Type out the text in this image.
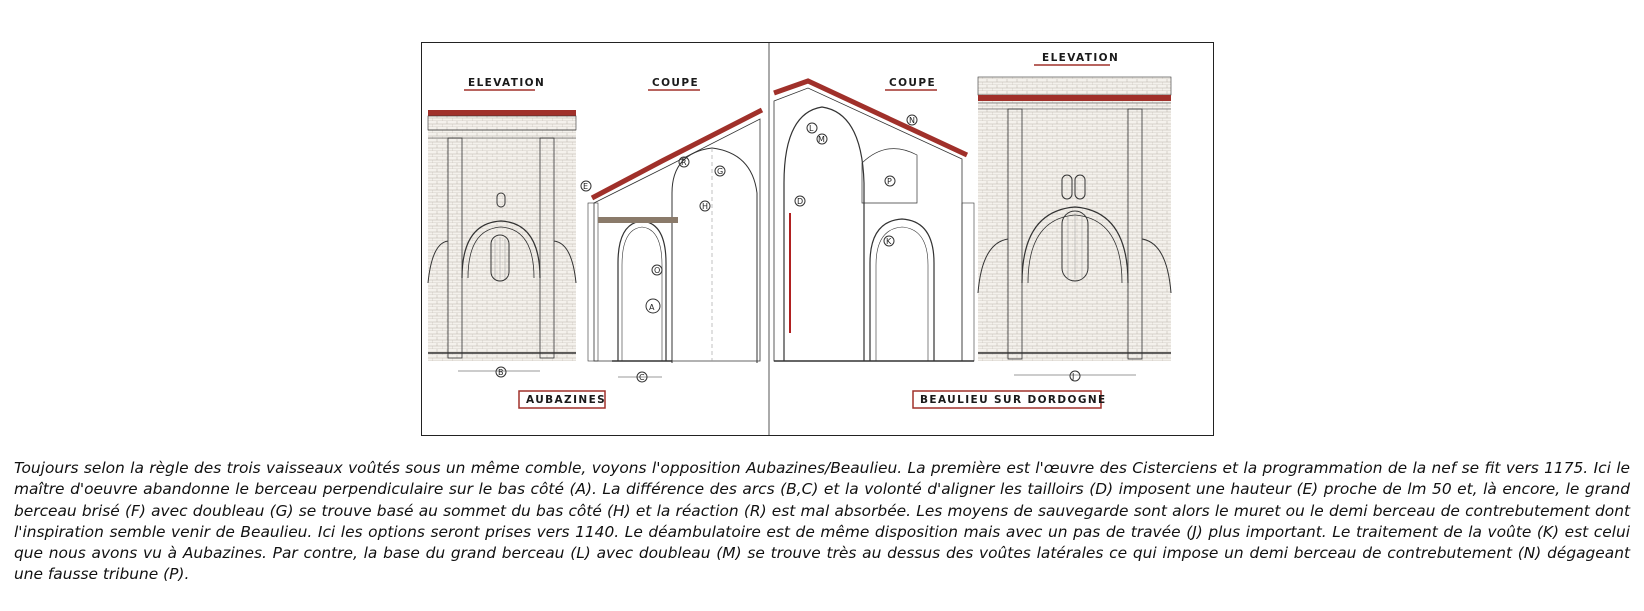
ELEVATION
B
AUBAZINES
COUPE
A
O
E
H
G
R
C
COUPE
L
M
N
P
K
D
ELEVATION
J
BEAULIEU SUR DORDOGNE

Toujours selon la règle des trois vaisseaux voûtés sous un même comble, voyons l'opposition Aubazines/Beaulieu. La première est l'œuvre des Cisterciens et la programmation de la nef se fit vers 1175. Ici le maître d'oeuvre abandonne le berceau perpendiculaire sur le bas côté (A). La différence des arcs (B,C) et la volonté d'aligner les tailloirs (D) imposent une hauteur (E) proche de lm 50 et, là encore, le grand berceau brisé (F) avec doubleau (G) se trouve basé au sommet du bas côté (H) et la réaction (R) est mal absorbée. Les moyens de sauvegarde sont alors le muret ou le demi berceau de contrebutement dont l'inspiration semble venir de Beaulieu. Ici les options seront prises vers 1140. Le déambulatoire est de même disposition mais avec un pas de travée (J) plus important. Le traitement de la voûte (K) est celui que nous avons vu à Aubazines. Par contre, la base du grand berceau (L) avec doubleau (M) se trouve très au dessus des voûtes latérales ce qui impose un demi berceau de contrebutement (N) dégageant une fausse tribune (P).
